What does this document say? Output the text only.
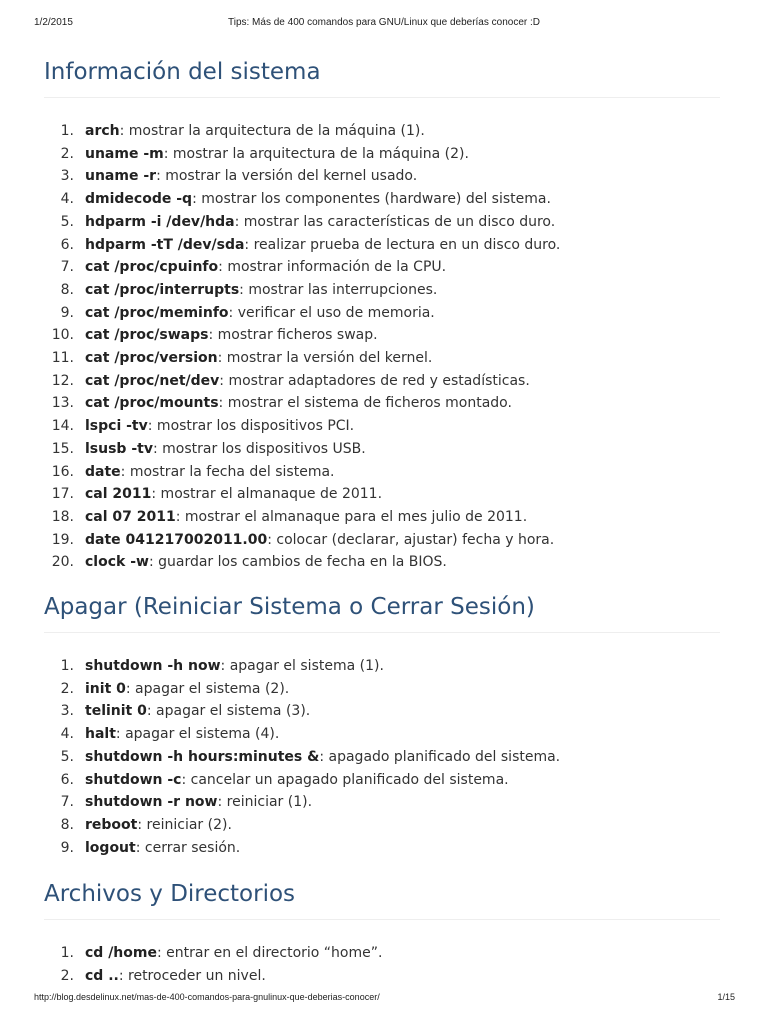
1/2/2015	Tips: Más de 400 comandos para GNU/Linux que deberías conocer :D
Información del sistema
1. arch: mostrar la arquitectura de la máquina (1).
2. uname -m: mostrar la arquitectura de la máquina (2).
3. uname -r: mostrar la versión del kernel usado.
4. dmidecode -q: mostrar los componentes (hardware) del sistema.
5. hdparm -i /dev/hda: mostrar las características de un disco duro.
6. hdparm -tT /dev/sda: realizar prueba de lectura en un disco duro.
7. cat /proc/cpuinfo: mostrar información de la CPU.
8. cat /proc/interrupts: mostrar las interrupciones.
9. cat /proc/meminfo: verificar el uso de memoria.
10. cat /proc/swaps: mostrar ficheros swap.
11. cat /proc/version: mostrar la versión del kernel.
12. cat /proc/net/dev: mostrar adaptadores de red y estadísticas.
13. cat /proc/mounts: mostrar el sistema de ficheros montado.
14. lspci -tv: mostrar los dispositivos PCI.
15. lsusb -tv: mostrar los dispositivos USB.
16. date: mostrar la fecha del sistema.
17. cal 2011: mostrar el almanaque de 2011.
18. cal 07 2011: mostrar el almanaque para el mes julio de 2011.
19. date 041217002011.00: colocar (declarar, ajustar) fecha y hora.
20. clock -w: guardar los cambios de fecha en la BIOS.
Apagar (Reiniciar Sistema o Cerrar Sesión)
1. shutdown -h now: apagar el sistema (1).
2. init 0: apagar el sistema (2).
3. telinit 0: apagar el sistema (3).
4. halt: apagar el sistema (4).
5. shutdown -h hours:minutes &: apagado planificado del sistema.
6. shutdown -c: cancelar un apagado planificado del sistema.
7. shutdown -r now: reiniciar (1).
8. reboot: reiniciar (2).
9. logout: cerrar sesión.
Archivos y Directorios
1. cd /home: entrar en el directorio “home”.
2. cd ..: retroceder un nivel.
http://blog.desdelinux.net/mas-de-400-comandos-para-gnulinux-que-deberias-conocer/	1/15
